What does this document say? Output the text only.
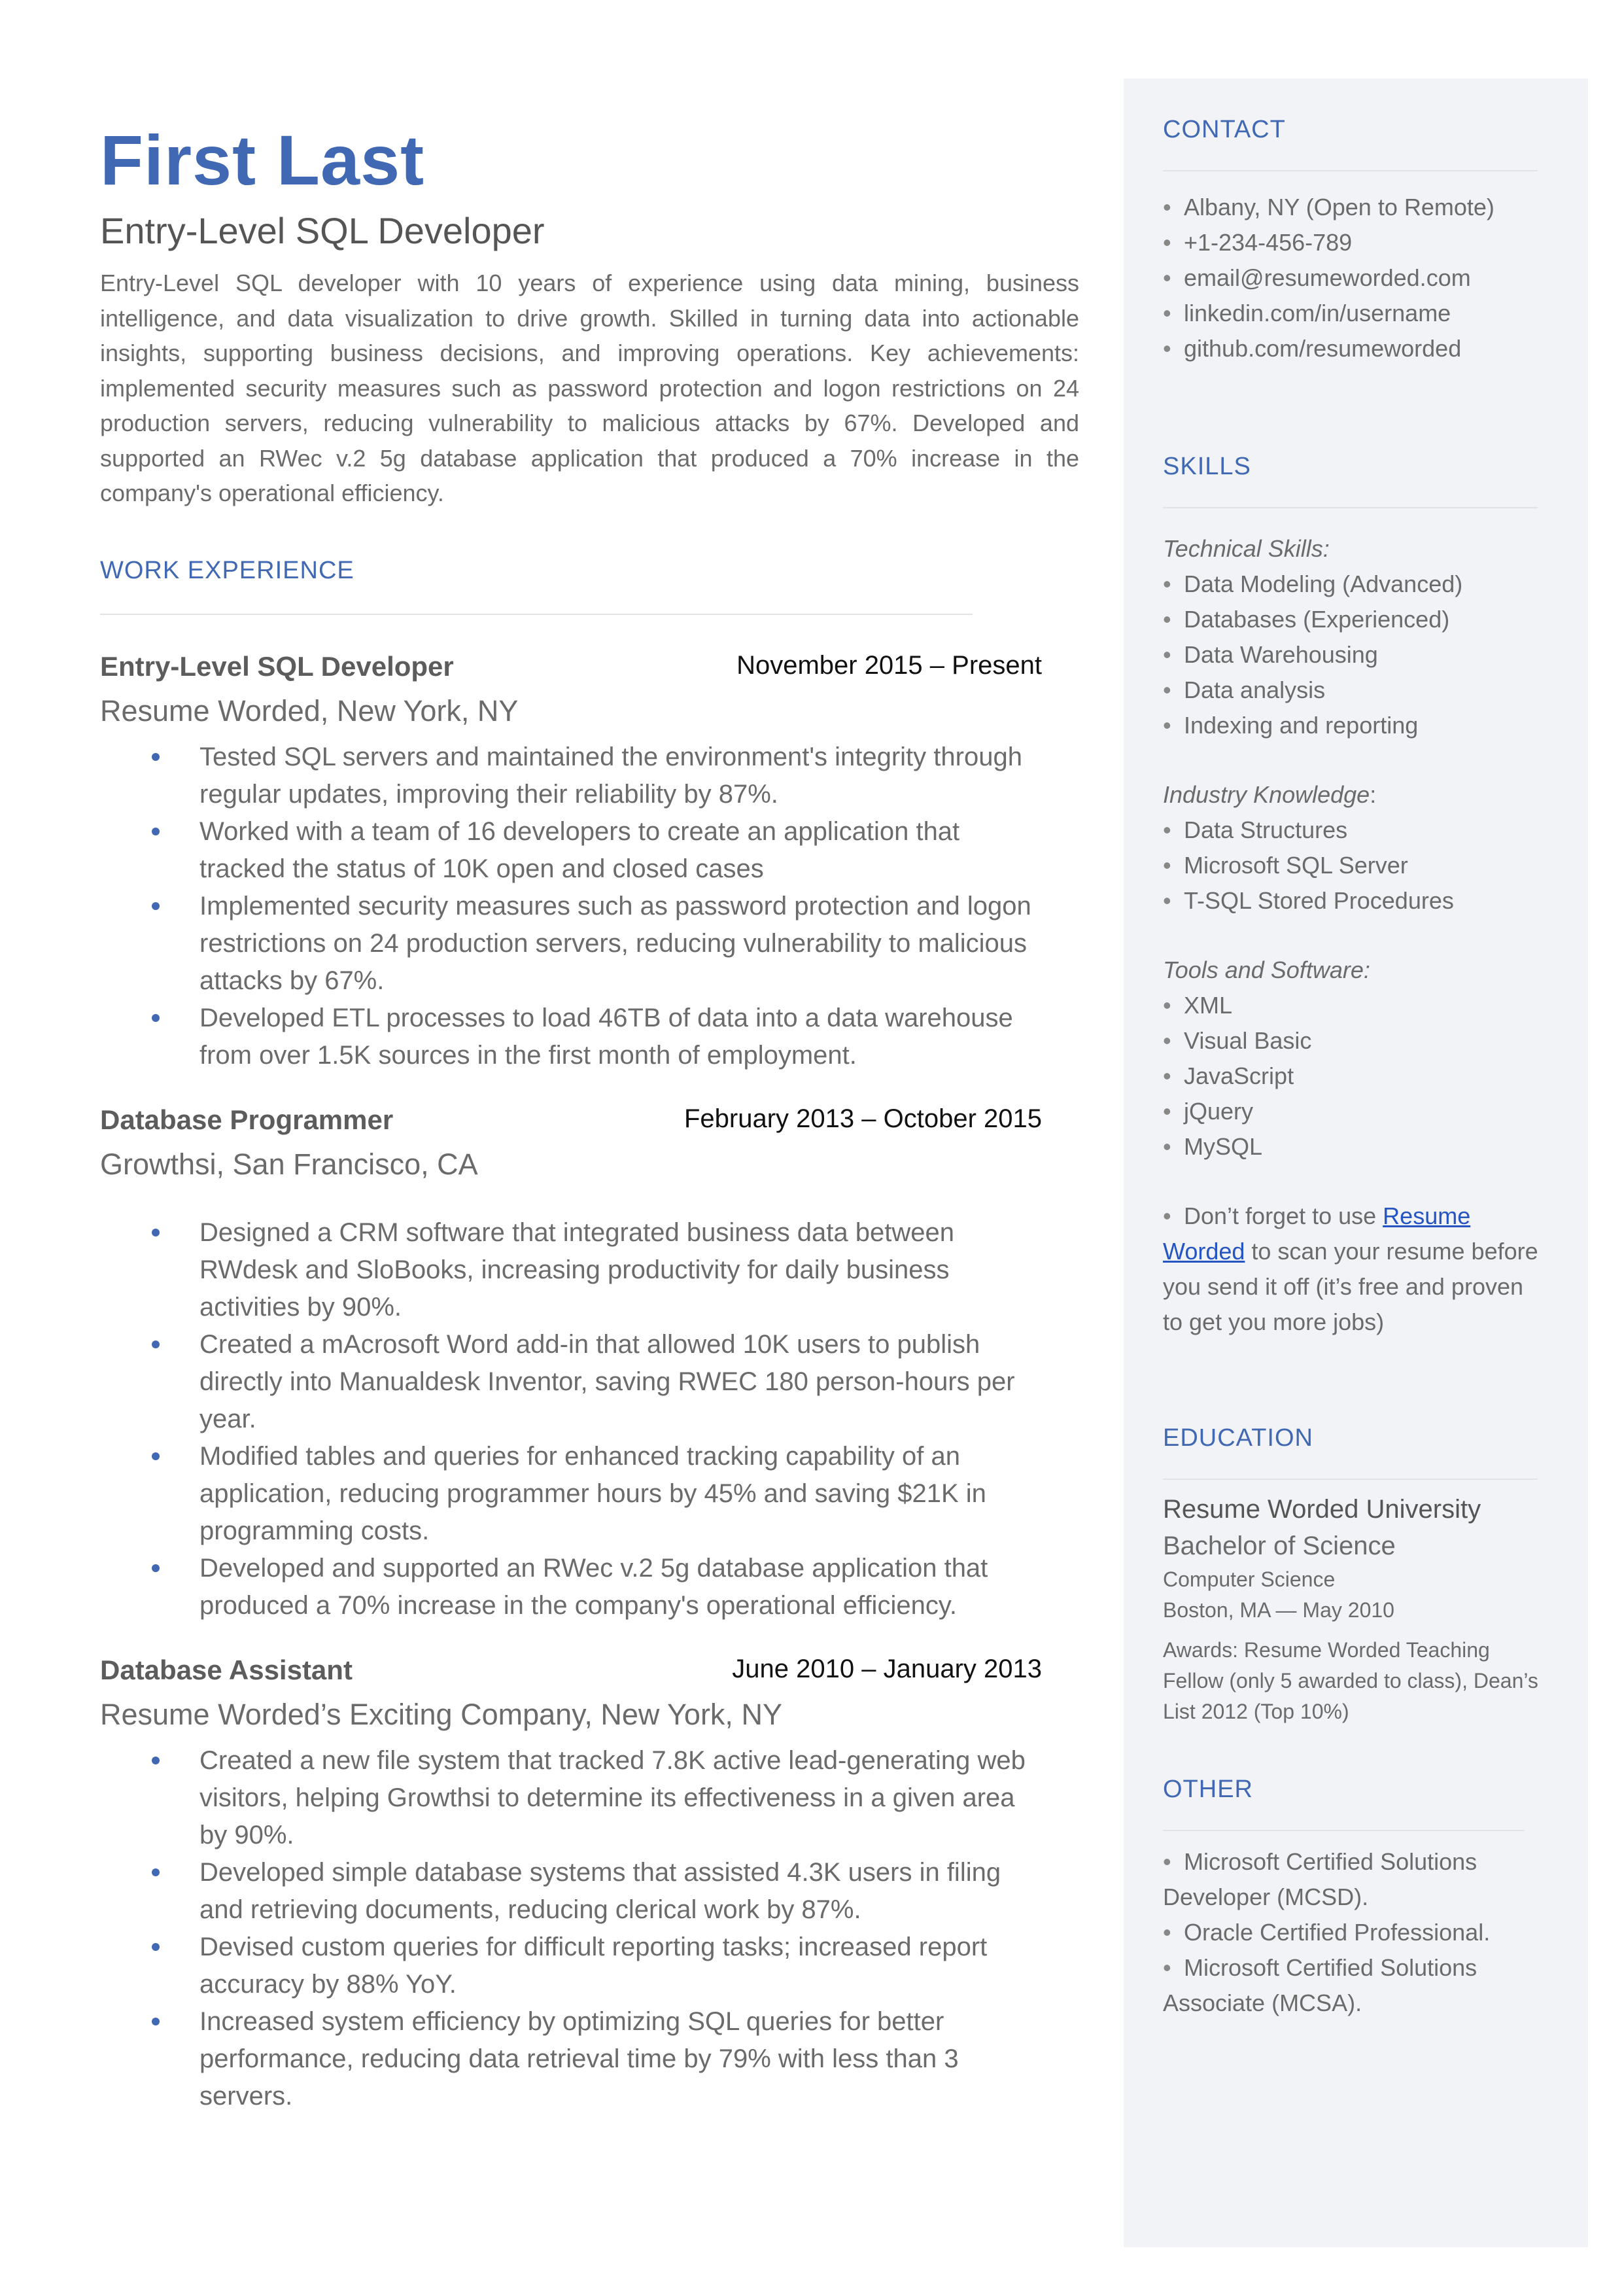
First Last
Entry-Level SQL Developer
Entry-Level SQL developer with 10 years of experience using data mining, business intelligence, and data visualization to drive growth. Skilled in turning data into actionable insights, supporting business decisions, and improving operations. Key achievements: implemented security measures such as password protection and logon restrictions on 24 production servers, reducing vulnerability to malicious attacks by 67%. Developed and supported an RWec v.2 5g database application that produced a 70% increase in the company's operational efficiency.
WORK EXPERIENCE
Entry-Level SQL Developer	November 2015 – Present
Resume Worded, New York, NY
Tested SQL servers and maintained the environment's integrity through regular updates, improving their reliability by 87%.
Worked with a team of 16 developers to create an application that tracked the status of 10K open and closed cases
Implemented security measures such as password protection and logon restrictions on 24 production servers, reducing vulnerability to malicious attacks by 67%.
Developed ETL processes to load 46TB of data into a data warehouse from over 1.5K sources in the first month of employment.
Database Programmer	February 2013 – October 2015
Growthsi, San Francisco, CA
Designed a CRM software that integrated business data between RWdesk and SloBooks, increasing productivity for daily business activities by 90%.
Created a mAcrosoft Word add-in that allowed 10K users to publish directly into Manualdesk Inventor, saving RWEC 180 person-hours per year.
Modified tables and queries for enhanced tracking capability of an application, reducing programmer hours by 45% and saving $21K in programming costs.
Developed and supported an RWec v.2 5g database application that produced a 70% increase in the company's operational efficiency.
Database Assistant	June 2010 – January 2013
Resume Worded’s Exciting Company, New York, NY
Created a new file system that tracked 7.8K active lead-generating web visitors, helping Growthsi to determine its effectiveness in a given area by 90%.
Developed simple database systems that assisted 4.3K users in filing and retrieving documents, reducing clerical work by 87%.
Devised custom queries for difficult reporting tasks; increased report accuracy by 88% YoY.
Increased system efficiency by optimizing SQL queries for better performance, reducing data retrieval time by 79% with less than 3 servers.
CONTACT
• Albany, NY (Open to Remote)
• +1-234-456-789
• email@resumeworded.com
• linkedin.com/in/username
• github.com/resumeworded
SKILLS
Technical Skills:
• Data Modeling (Advanced)
• Databases (Experienced)
• Data Warehousing
• Data analysis
• Indexing and reporting
Industry Knowledge:
• Data Structures
• Microsoft SQL Server
• T-SQL Stored Procedures
Tools and Software:
• XML
• Visual Basic
• JavaScript
• jQuery
• MySQL
• Don’t forget to use Resume Worded to scan your resume before you send it off (it’s free and proven to get you more jobs)
EDUCATION
Resume Worded University
Bachelor of Science
Computer Science
Boston, MA — May 2010
Awards: Resume Worded Teaching Fellow (only 5 awarded to class), Dean’s List 2012 (Top 10%)
OTHER
• Microsoft Certified Solutions Developer (MCSD).
• Oracle Certified Professional.
• Microsoft Certified Solutions Associate (MCSA).
